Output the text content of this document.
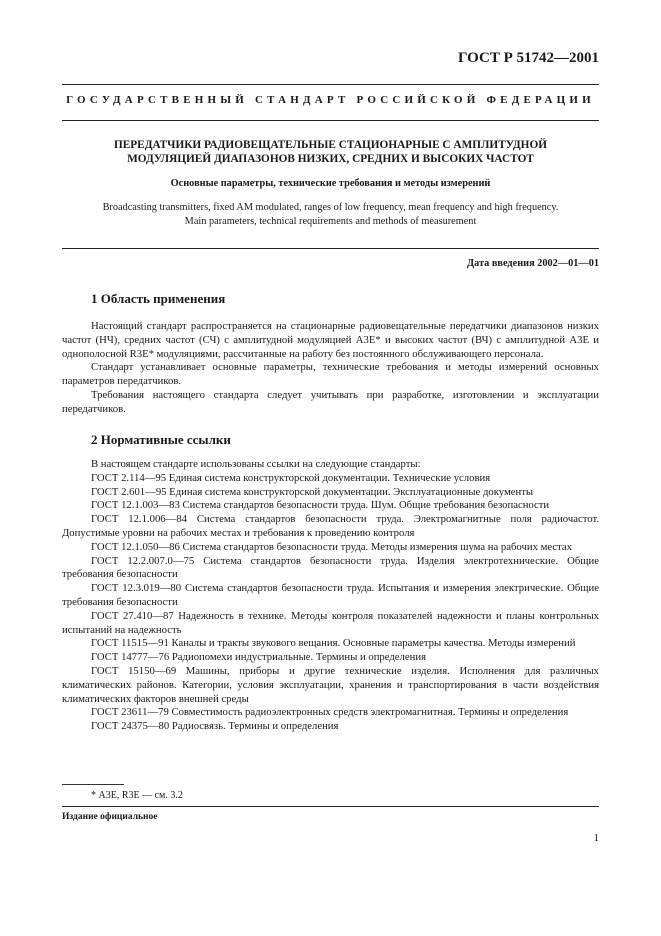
ГОСТ Р 51742—2001
ГОСУДАРСТВЕННЫЙ СТАНДАРТ РОССИЙСКОЙ ФЕДЕРАЦИИ
ПЕРЕДАТЧИКИ РАДИОВЕЩАТЕЛЬНЫЕ СТАЦИОНАРНЫЕ С АМПЛИТУДНОЙ
МОДУЛЯЦИЕЙ ДИАПАЗОНОВ НИЗКИХ, СРЕДНИХ И ВЫСОКИХ ЧАСТОТ
Основные параметры, технические требования и методы измерений
Broadcasting transmitters, fixed AM modulated, ranges of low frequency, mean frequency and high frequency.
Main parameters, technical requirements and methods of measurement
Дата введения 2002—01—01
1 Область применения

Настоящий стандарт распространяется на стационарные радиовещательные передатчики диапазонов низких частот (НЧ), средних частот (СЧ) с амплитудной модуляцией А3Е* и высоких частот (ВЧ) с амплитудной А3Е и однополосной R3E* модуляциями, рассчитанные на работу без постоянного обслуживающего персонала.

Стандарт устанавливает основные параметры, технические требования и методы измерений основных параметров передатчиков.

Требования настоящего стандарта следует учитывать при разработке, изготовлении и эксплуатации передатчиков.

2 Нормативные ссылки

В настоящем стандарте использованы ссылки на следующие стандарты:

ГОСТ 2.114—95 Единая система конструкторской документации. Технические условия

ГОСТ 2.601—95 Единая система конструкторской документации. Эксплуатационные документы

ГОСТ 12.1.003—83 Система стандартов безопасности труда. Шум. Общие требования безопасности

ГОСТ 12.1.006—84 Система стандартов безопасности труда. Электромагнитные поля радиочастот. Допустимые уровни на рабочих местах и требования к проведению контроля

ГОСТ 12.1.050—86 Система стандартов безопасности труда. Методы измерения шума на рабочих местах

ГОСТ 12.2.007.0—75 Система стандартов безопасности труда. Изделия электротехнические. Общие требования безопасности

ГОСТ 12.3.019—80 Система стандартов безопасности труда. Испытания и измерения электрические. Общие требования безопасности

ГОСТ 27.410—87 Надежность в технике. Методы контроля показателей надежности и планы контрольных испытаний на надежность

ГОСТ 11515—91 Каналы и тракты звукового вещания. Основные параметры качества. Методы измерений

ГОСТ 14777—76 Радиопомехи индустриальные. Термины и определения

ГОСТ 15150—69 Машины, приборы и другие технические изделия. Исполнения для различных климатических районов. Категории, условия эксплуатации, хранения и транспортирования в части воздействия климатических факторов внешней среды

ГОСТ 23611—79 Совместимость радиоэлектронных средств электромагнитная. Термины и определения

ГОСТ 24375—80 Радиосвязь. Термины и определения

* А3Е, R3E — см. 3.2
Издание официальное
1
